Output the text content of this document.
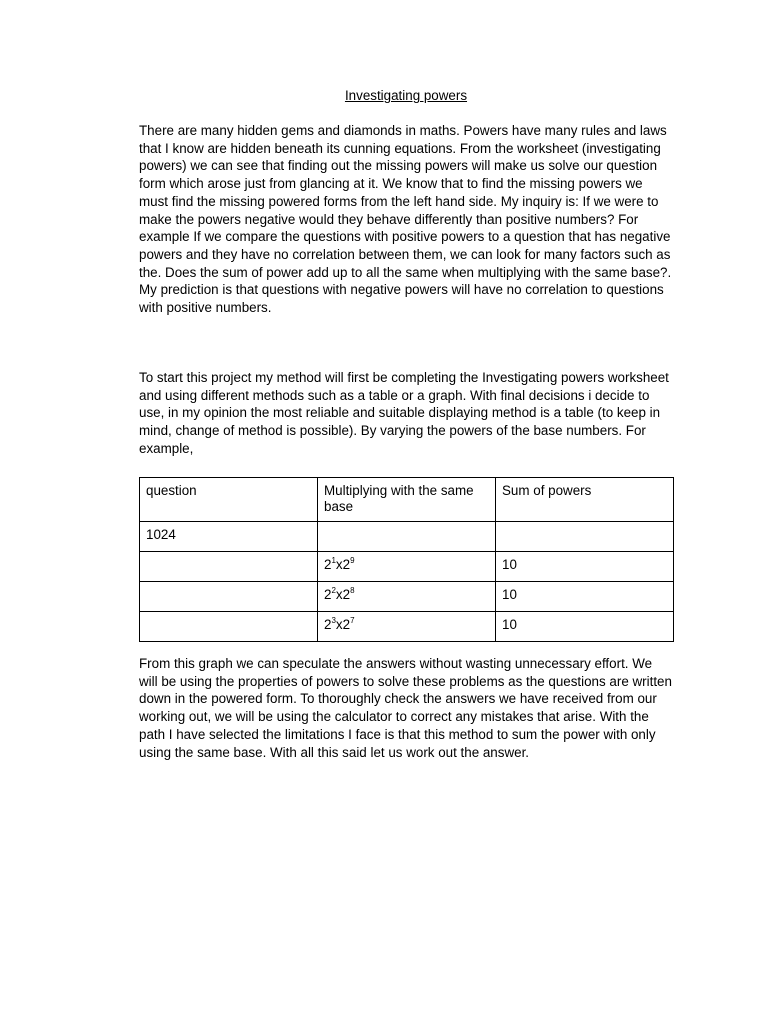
Investigating powers

There are many hidden gems and diamonds in maths. Powers have many rules and laws that I know are hidden beneath its cunning equations. From the worksheet (investigating powers) we can see that finding out the missing powers will make us solve our question form which arose just from glancing at it. We know that to find the missing powers we must find the missing powered forms from the left hand side. My inquiry is: If we were to make the powers negative would they behave differently than positive numbers? For example If we compare the questions with positive powers to a question that has negative powers and they have no correlation between them, we can look for many factors such as the. Does the sum of power add up to all the same when multiplying with the same base?. My prediction is that questions with negative powers will have no correlation to questions with positive numbers.

To start this project my method will first be completing the Investigating powers worksheet and using different methods such as a table or a graph. With final decisions i decide to use, in my opinion the most reliable and suitable displaying method is a table (to keep in mind, change of method is possible). By varying the powers of the base numbers. For example,

question	Multiplying with the same base	Sum of powers
1024		
	$2^1x2^9$	10
	$2^2x2^8$	10
	$2^3x2^7$	10

From this graph we can speculate the answers without wasting unnecessary effort. We will be using the properties of powers to solve these problems as the questions are written down in the powered form. To thoroughly check the answers we have received from our working out, we will be using the calculator to correct any mistakes that arise. With the path I have selected the limitations I face is that this method to sum the power with only using the same base. With all this said let us work out the answer.
